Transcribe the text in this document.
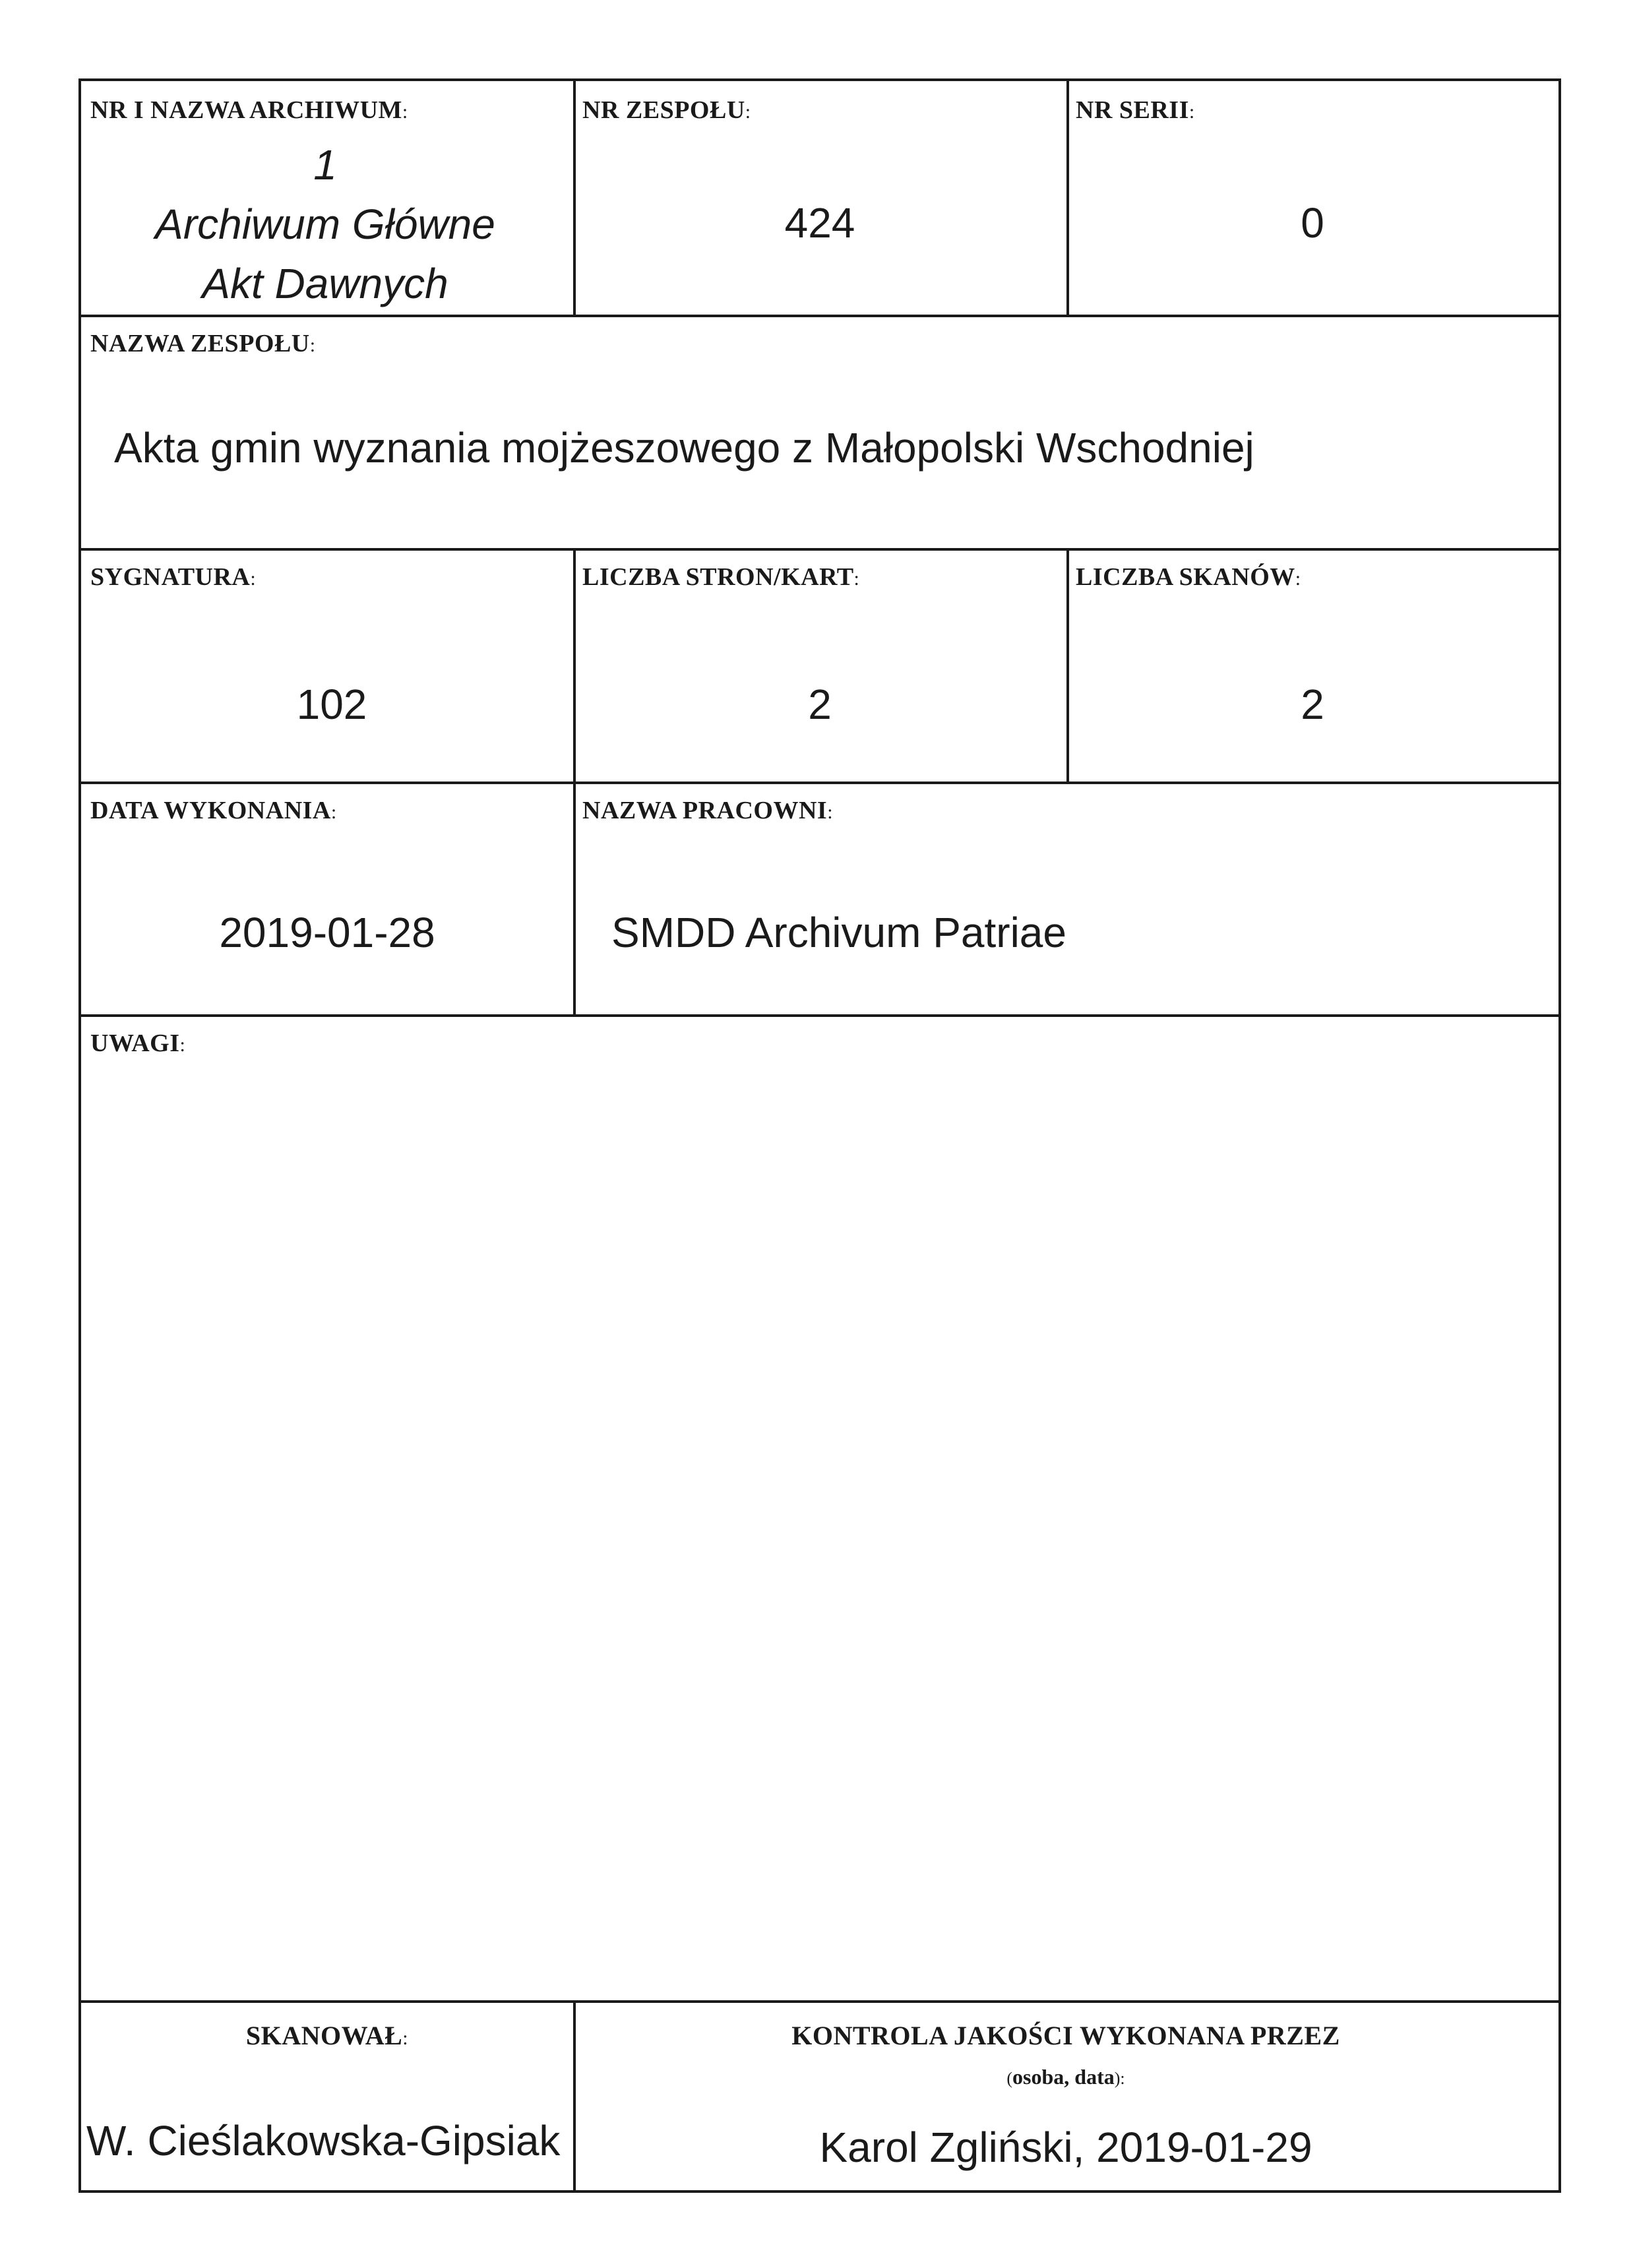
NR I NAZWA ARCHIWUM:
1
Archiwum Główne
Akt Dawnych
NR ZESPOŁU:
424
NR SERII:
0
NAZWA ZESPOŁU:
Akta gmin wyznania mojżeszowego z Małopolski Wschodniej
SYGNATURA:
102
LICZBA STRON/KART:
2
LICZBA SKANÓW:
2
DATA WYKONANIA:
2019-01-28
NAZWA PRACOWNI:
SMDD Archivum Patriae
UWAGI:
SKANOWAŁ:
W. Cieślakowska-Gipsiak
KONTROLA JAKOŚCI WYKONANA PRZEZ
(osoba, data):
Karol Zgliński, 2019-01-29
